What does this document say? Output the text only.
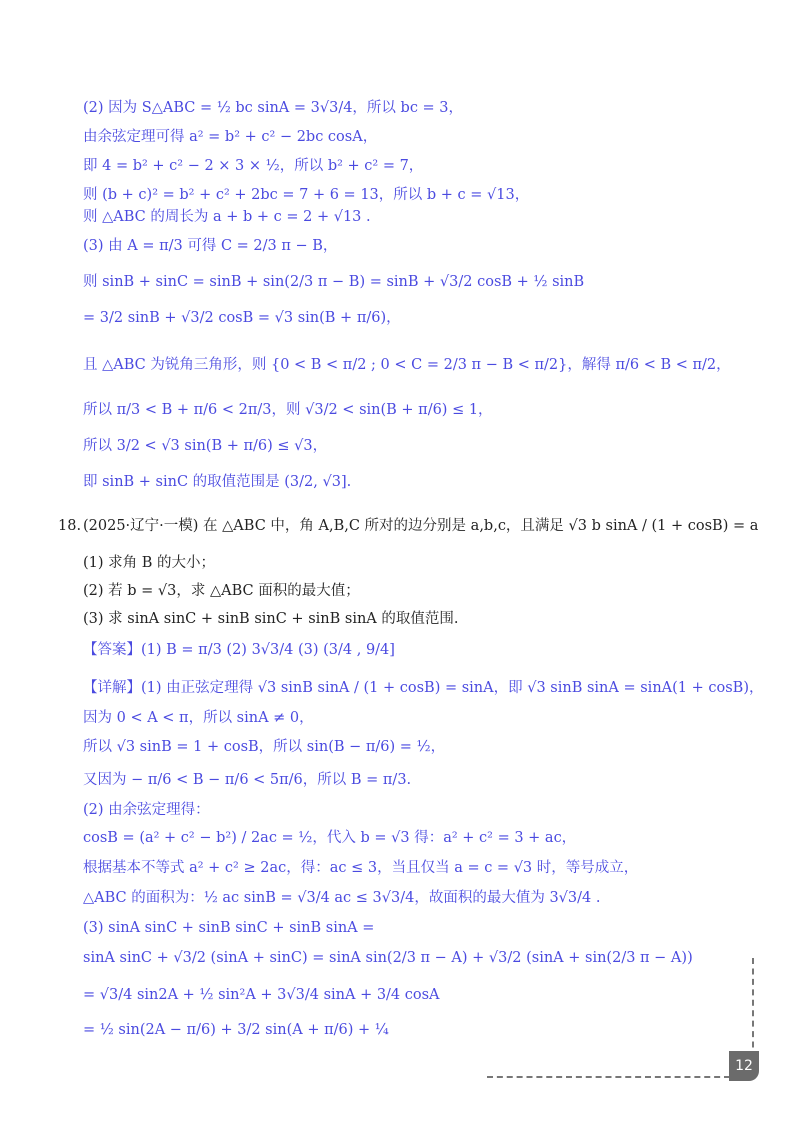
(2) 因为 S△ABC = ½ bc sinA = 3√3/4，所以 bc = 3，
由余弦定理可得 a² = b² + c² − 2bc cosA，
即 4 = b² + c² − 2 × 3 × ½，所以 b² + c² = 7，
则 (b + c)² = b² + c² + 2bc = 7 + 6 = 13，所以 b + c = √13，
则 △ABC 的周长为 a + b + c = 2 + √13 .
(3) 由 A = π/3 可得 C = 2/3 π − B，
则 sinB + sinC = sinB + sin(2/3 π − B) = sinB + √3/2 cosB + ½ sinB
= 3/2 sinB + √3/2 cosB = √3 sin(B + π/6)，
且 △ABC 为锐角三角形，则 {0 < B < π/2 ; 0 < C = 2/3 π − B < π/2}，解得 π/6 < B < π/2，
所以 π/3 < B + π/6 < 2π/3，则 √3/2 < sin(B + π/6) ≤ 1，
所以 3/2 < √3 sin(B + π/6) ≤ √3，
即 sinB + sinC 的取值范围是 (3/2, √3].
18. (2025·辽宁·一模) 在 △ABC 中，角 A,B,C 所对的边分别是 a,b,c，且满足 √3 b sinA / (1 + cosB) = a
(1) 求角 B 的大小；
(2) 若 b = √3，求 △ABC 面积的最大值；
(3) 求 sinA sinC + sinB sinC + sinB sinA 的取值范围.
【答案】(1) B = π/3 (2) 3√3/4 (3) (3/4 , 9/4]
【详解】(1) 由正弦定理得 √3 sinB sinA / (1 + cosB) = sinA，即 √3 sinB sinA = sinA(1 + cosB)，
因为 0 < A < π，所以 sinA ≠ 0，
所以 √3 sinB = 1 + cosB，所以 sin(B − π/6) = ½，
又因为 − π/6 < B − π/6 < 5π/6，所以 B = π/3.
(2) 由余弦定理得：
cosB = (a² + c² − b²) / 2ac = ½，代入 b = √3 得：a² + c² = 3 + ac，
根据基本不等式 a² + c² ≥ 2ac，得：ac ≤ 3，当且仅当 a = c = √3 时，等号成立，
△ABC 的面积为：½ ac sinB = √3/4 ac ≤ 3√3/4，故面积的最大值为 3√3/4 .
(3) sinA sinC + sinB sinC + sinB sinA =
sinA sinC + √3/2 (sinA + sinC) = sinA sin(2/3 π − A) + √3/2 (sinA + sin(2/3 π − A))
= √3/4 sin2A + ½ sin²A + 3√3/4 sinA + 3/4 cosA
= ½ sin(2A − π/6) + 3/2 sin(A + π/6) + ¼
12
